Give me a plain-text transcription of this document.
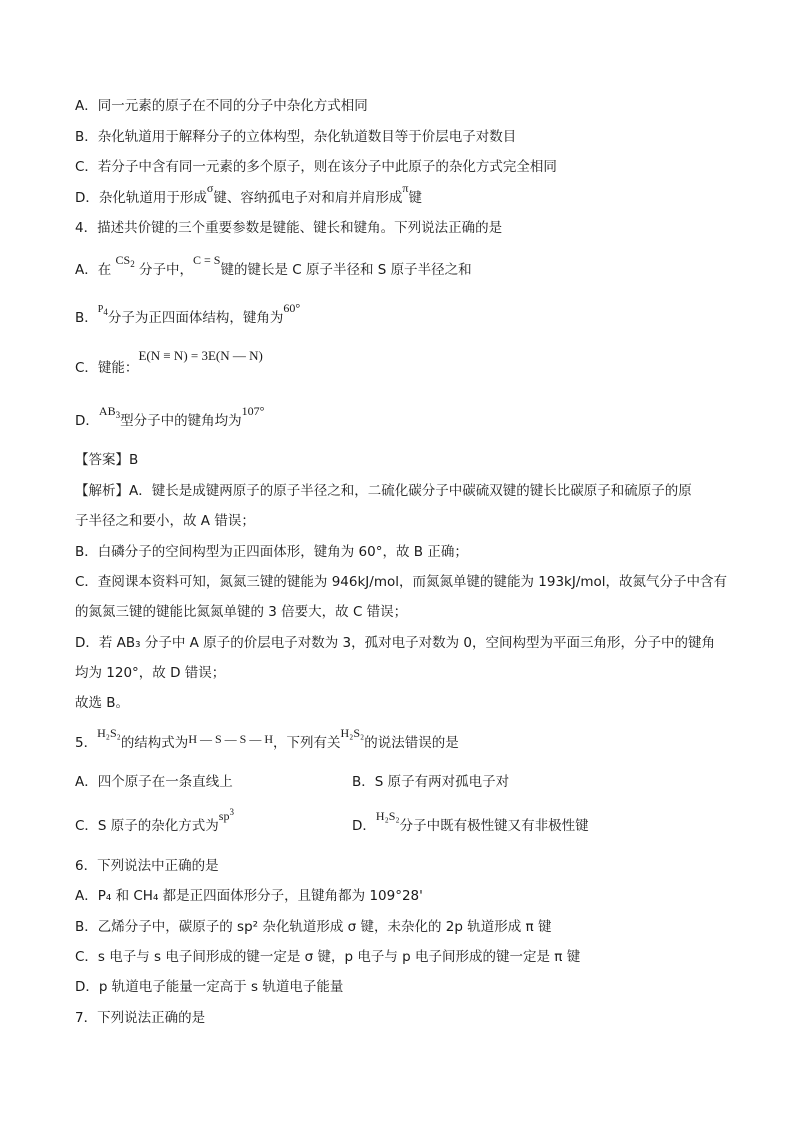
A．同一元素的原子在不同的分子中杂化方式相同
B．杂化轨道用于解释分子的立体构型，杂化轨道数目等于价层电子对数目
C．若分子中含有同一元素的多个原子，则在该分子中此原子的杂化方式完全相同
D．杂化轨道用于形成σ键、容纳孤电子对和肩并肩形成π键
4．描述共价键的三个重要参数是键能、键长和键角。下列说法正确的是
A．在 $CS_2$ 分子中，C = S键的键长是 C 原子半径和 S 原子半径之和
B．$^{P4}$分子为正四面体结构，键角为60°
C．键能：E(N ≡ N) = 3E(N — N)
D．$AB_3$型分子中的键角均为107°
【答案】B
【解析】A．键长是成键两原子的原子半径之和，二硫化碳分子中碳硫双键的键长比碳原子和硫原子的原
子半径之和要小，故 A 错误；
B．白磷分子的空间构型为正四面体形，键角为 60°，故 B 正确；
C．查阅课本资料可知，氮氮三键的键能为 946kJ/mol，而氮氮单键的键能为 193kJ/mol，故氮气分子中含有
的氮氮三键的键能比氮氮单键的 3 倍要大，故 C 错误；
D．若 AB₃ 分子中 A 原子的价层电子对数为 3，孤对电子对数为 0，空间构型为平面三角形，分子中的键角
均为 120°，故 D 错误；
故选 B。
5．H₂S₂的结构式为H — S — S — H，下列有关H₂S₂的说法错误的是
A．四个原子在一条直线上	B．S 原子有两对孤电子对
C．S 原子的杂化方式为$sp^3$
D．H₂S₂分子中既有极性键又有非极性键
6．下列说法中正确的是
A．P₄ 和 CH₄ 都是正四面体形分子，且键角都为 109°28'
B．乙烯分子中，碳原子的 sp² 杂化轨道形成 σ 键，未杂化的 2p 轨道形成 π 键
C．s 电子与 s 电子间形成的键一定是 σ 键，p 电子与 p 电子间形成的键一定是 π 键
D．p 轨道电子能量一定高于 s 轨道电子能量
7．下列说法正确的是
